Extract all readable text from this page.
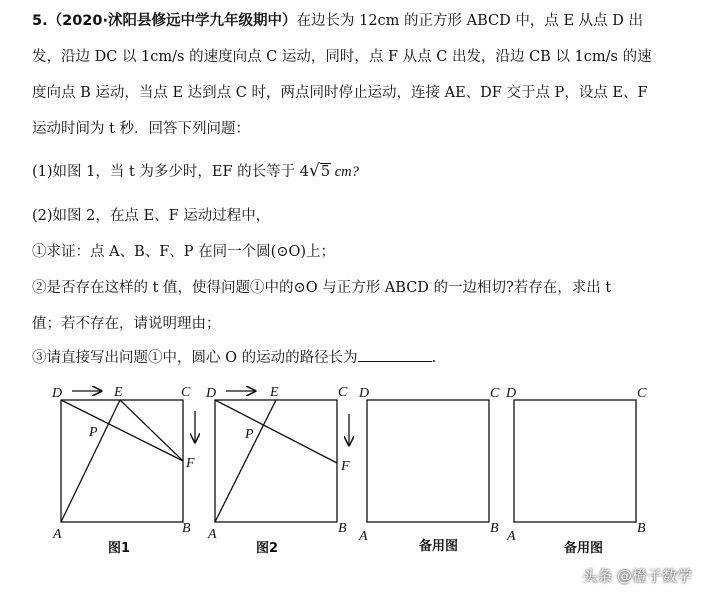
5.（2020·沭阳县修远中学九年级期中）在边长为 12cm 的正方形 ABCD 中，点 E 从点 D 出
发，沿边 DC 以 1cm/s 的速度向点 C 运动，同时，点 F 从点 C 出发，沿边 CB 以 1cm/s 的速
度向点 B 运动，当点 E 达到点 C 时，两点同时停止运动，连接 AE、DF 交于点 P，设点 E、F
运动时间为 t 秒．回答下列问题：
(1)如图 1，当 t 为多少时，EF 的长等于 4√5 cm?
(2)如图 2，在点 E、F 运动过程中，
①求证：点 A、B、F、P 在同一个圆(⊙O)上；
②是否存在这样的 t 值，使得问题①中的⊙O 与正方形 ABCD 的一边相切?若存在，求出 t
值；若不存在，请说明理由；
③请直接写出问题①中，圆心 O 的运动的路径长为	.
D	E	C
P
F
A	B
图1
D	E	C
P
F
A	B
图2
D	C
A
B
备用图
D	C
A
B
备用图
头条 @橙子数学
